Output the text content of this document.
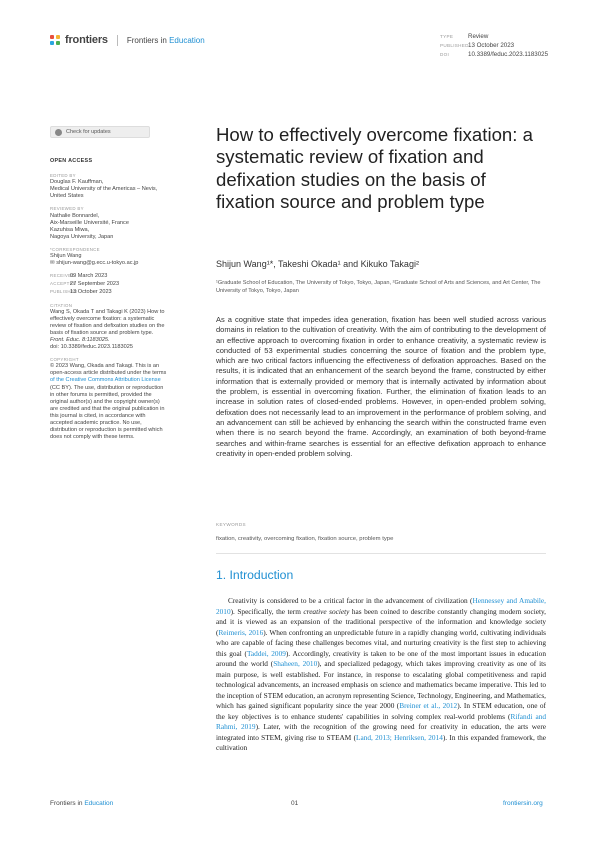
frontiers Frontiers in Education	TYPE Review
PUBLISHED13 October 2023
DOI	10.3389/feduc.2023.1183025
Check for updates
OPEN ACCESS
EDITED BY
Douglas F. Kauffman,
Medical University of the Americas – Nevis,
United States
REVIEWED BY
Nathalie Bonnardel,
Aix-Marseille Université, France
Kazuhisa Miwa,
Nagoya University, Japan
*CORRESPONDENCE
Shijun Wang
✉ shijun-wang@g.ecc.u-tokyo.ac.jp
RECEIVED09 March 2023
ACCEPTED27 September 2023
PUBLISHED13 October 2023
CITATION
Wang S, Okada T and Takagi K (2023) How to
effectively overcome fixation: a systematic
review of fixation and defixation studies on the
basis of fixation source and problem type.
Front. Educ. 8:1183025.
doi: 10.3389/feduc.2023.1183025
COPYRIGHT
© 2023 Wang, Okada and Takagi. This is an
open-access article distributed under the terms
of the Creative Commons Attribution License
(CC BY). The use, distribution or reproduction
in other forums is permitted, provided the
original author(s) and the copyright owner(s)
are credited and that the original publication in
this journal is cited, in accordance with
accepted academic practice. No use,
distribution or reproduction is permitted which
does not comply with these terms.
How to effectively overcome fixation: a systematic review of fixation and defixation studies on the basis of fixation source and problem type
Shijun Wang¹*, Takeshi Okada¹ and Kikuko Takagi²
¹Graduate School of Education, The University of Tokyo, Tokyo, Japan, ²Graduate School of Arts and Sciences, and Art Center, The University of Tokyo, Tokyo, Japan
As a cognitive state that impedes idea generation, fixation has been well studied across various domains in relation to the cultivation of creativity. With the aim of contributing to the development of an effective approach to overcoming fixation in order to enhance creativity, a systematic review is conducted of 53 experimental studies concerning the source of fixation and the problem type, which are two critical factors influencing the effectiveness of defixation approaches. Based on the results, it is indicated that an enhancement of the search beyond the frame, constructed by either information that is externally provided or memory that is internally activated by information about the problem, is essential in overcoming fixation. Further, the elimination of fixation leads to an increase in solution rates of closed-ended problems. However, in open-ended problem solving, defixation does not necessarily lead to an improvement in the performance of problem solving, and an advancement can still be achieved by enhancing the search within the constructed frame even when there is no search beyond the frame. Accordingly, an examination of both beyond-frame searches and within-frame searches is essential for an effective defixation approach to enhance creativity in open-ended problem solving.
KEYWORDS
fixation, creativity, overcoming fixation, fixation source, problem type
1. Introduction

Creativity is considered to be a critical factor in the advancement of civilization (Hennessey and Amabile, 2010). Specifically, the term creative society has been coined to describe constantly changing modern society, and it is viewed as an expansion of the traditional perspective of the information and knowledge society (Reimeris, 2016). When confronting an unpredictable future in a rapidly changing world, cultivating individuals who are capable of facing these challenges becomes vital, and nurturing creativity is the first step to achieving this goal (Taddei, 2009). Accordingly, creativity is taken to be one of the most important issues in education around the world (Shaheen, 2010), and specialized pedagogy, which takes improving creativity as one of its main purpose, is well established. For instance, in response to escalating global competitiveness and rapid technological advancements, an increased emphasis on science and mathematics became imperative. This led to the inception of STEM education, an acronym representing Science, Technology, Engineering, and Mathematics, which has gained significant popularity since the year 2000 (Breiner et al., 2012). In STEM education, one of the key objectives is to enhance students' capabilities in solving complex real-world problems (Rifandi and Rahmi, 2019). Later, with the recognition of the growing need for creativity in education, the arts were integrated into STEM, giving rise to STEAM (Land, 2013; Henriksen, 2014). In this expanded framework, the cultivation

Frontiers in Education	01	frontiersin.org
